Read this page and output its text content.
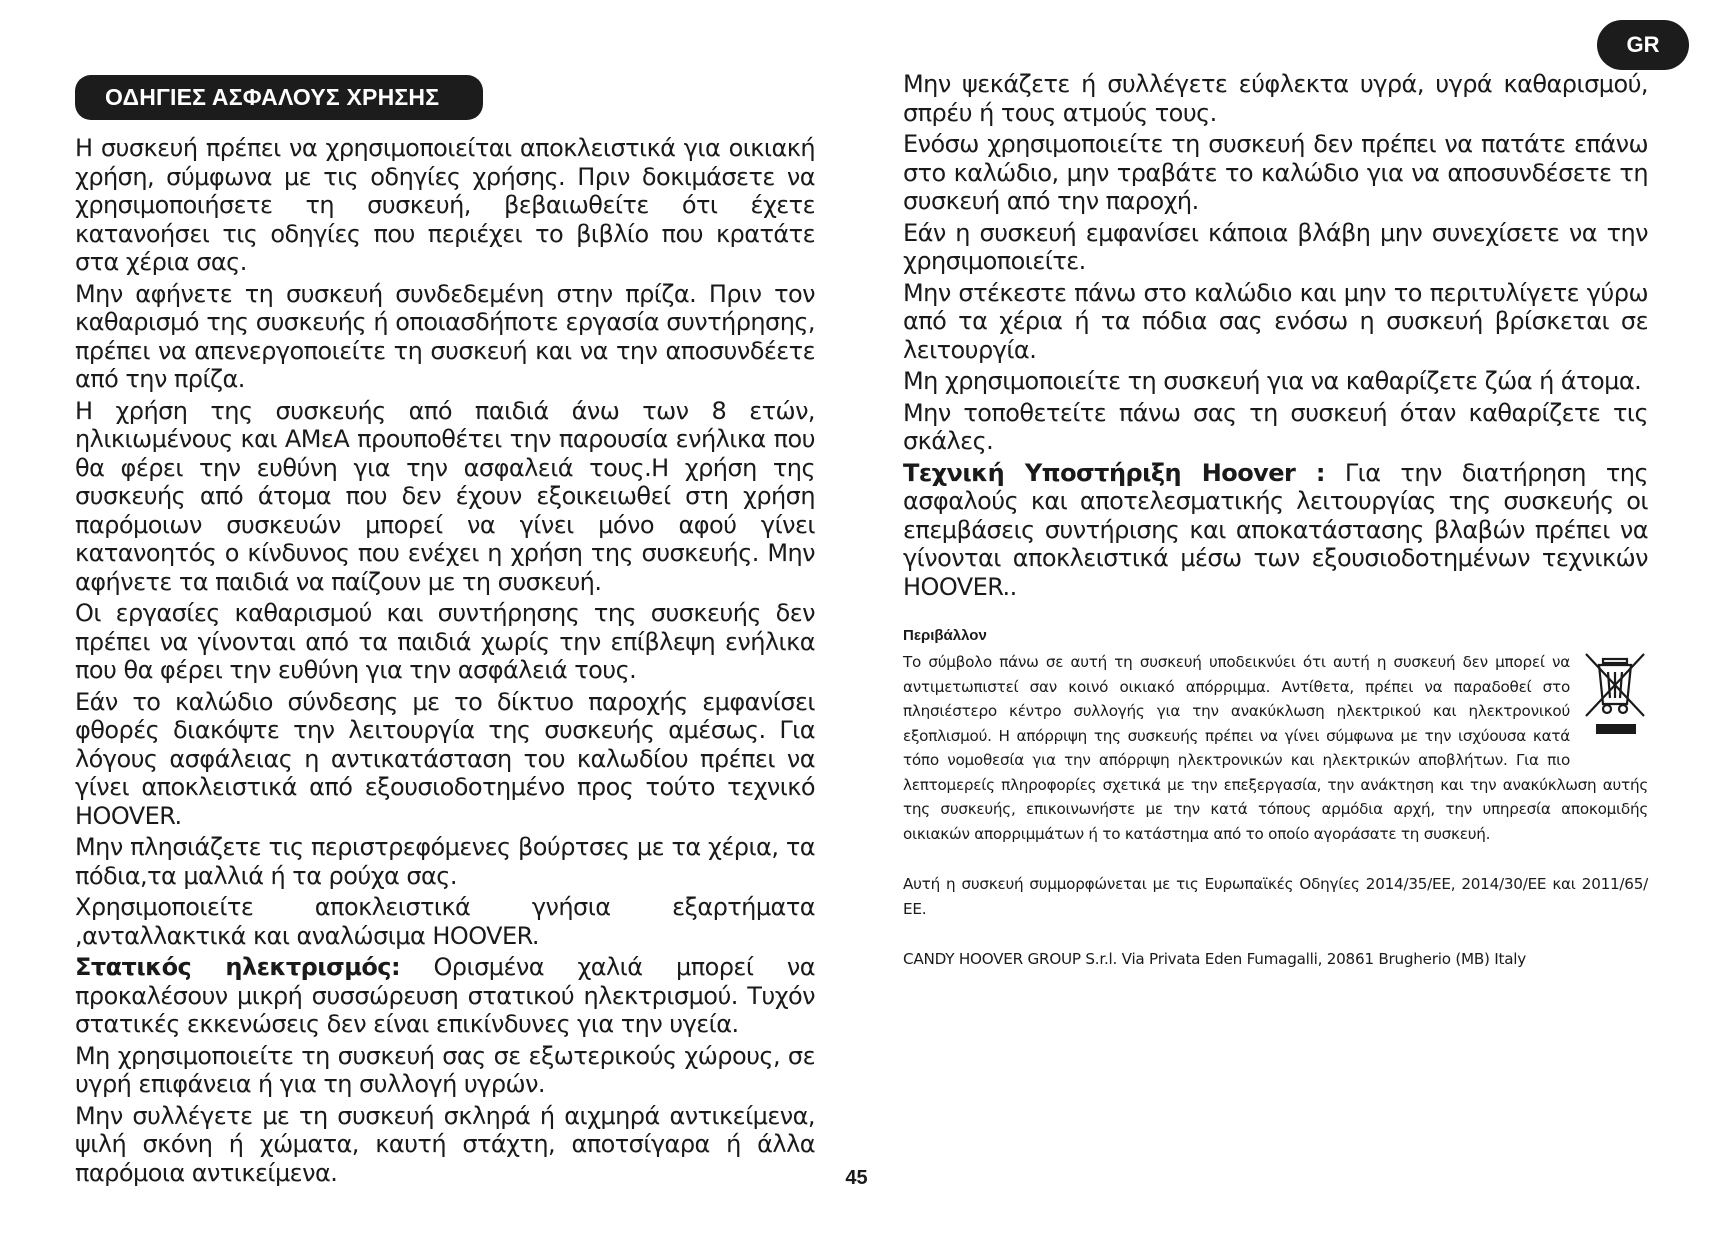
GR
ΟΔΗΓΙΕΣ ΑΣΦΑΛΟΥΣ ΧΡΗΣΗΣ

Η συσκευή πρέπει να χρησιμοποιείται αποκλειστικά για οικιακή χρήση, σύμφωνα με τις οδηγίες χρήσης. Πριν δοκιμάσετε να χρησιμοποιήσετε τη συσκευή, βεβαιωθείτε ότι έχετε κατανοήσει τις οδηγίες που περιέχει το βιβλίο που κρατάτε στα χέρια σας.

Μην αφήνετε τη συσκευή συνδεδεμένη στην πρίζα. Πριν τον καθαρισμό της συσκευής ή οποιασδήποτε εργασία συντήρησης, πρέπει να απενεργοποιείτε τη συσκευή και να την αποσυνδέετε από την πρίζα.

Η χρήση της συσκευής από παιδιά άνω των 8 ετών, ηλικιωμένους και ΑΜεΑ προυποθέτει την παρουσία ενήλικα που θα φέρει την ευθύνη για την ασφαλειά τους.Η χρήση της συσκευής από άτομα που δεν έχουν εξοικειωθεί στη χρήση παρόμοιων συσκευών μπορεί να γίνει μόνο αφού γίνει κατανοητός ο κίνδυνος που ενέχει η χρήση της συσκευής. Μην αφήνετε τα παιδιά να παίζουν με τη συσκευή.

Οι εργασίες καθαρισμού και συντήρησης της συσκευής δεν πρέπει να γίνονται από τα παιδιά χωρίς την επίβλεψη ενήλικα που θα φέρει την ευθύνη για την ασφάλειά τους.

Εάν το καλώδιο σύνδεσης με το δίκτυο παροχής εμφανίσει φθορές διακόψτε την λειτουργία της συσκευής αμέσως. Για λόγους ασφάλειας η αντικατάσταση του καλωδίου πρέπει να γίνει αποκλειστικά από εξουσιοδοτημένο προς τούτο τεχνικό HOOVER.

Μην πλησιάζετε τις περιστρεφόμενες βούρτσες με τα χέρια, τα πόδια,τα μαλλιά ή τα ρούχα σας.

Χρησιμοποιείτε αποκλειστικά γνήσια εξαρτήματα ,ανταλλακτικά και αναλώσιμα HOOVER.

Στατικός ηλεκτρισμός: Ορισμένα χαλιά μπορεί να προκαλέσουν μικρή συσσώρευση στατικού ηλεκτρισμού. Τυχόν στατικές εκκενώσεις δεν είναι επικίνδυνες για την υγεία.

Μη χρησιμοποιείτε τη συσκευή σας σε εξωτερικούς χώρους, σε υγρή επιφάνεια ή για τη συλλογή υγρών.

Μην συλλέγετε με τη συσκευή σκληρά ή αιχμηρά αντικείμενα, ψιλή σκόνη ή χώματα, καυτή στάχτη, αποτσίγαρα ή άλλα παρόμοια αντικείμενα.

Μην ψεκάζετε ή συλλέγετε εύφλεκτα υγρά, υγρά καθαρισμού, σπρέυ ή τους ατμούς τους.

Ενόσω χρησιμοποιείτε τη συσκευή δεν πρέπει να πατάτε επάνω στο καλώδιο, μην τραβάτε το καλώδιο για να αποσυνδέσετε τη συσκευή από την παροχή.

Εάν η συσκευή εμφανίσει κάποια βλάβη μην συνεχίσετε να την χρησιμοποιείτε.

Μην στέκεστε πάνω στο καλώδιο και μην το περιτυλίγετε γύρω από τα χέρια ή τα πόδια σας ενόσω η συσκευή βρίσκεται σε λειτουργία.

Μη χρησιμοποιείτε τη συσκευή για να καθαρίζετε ζώα ή άτομα.

Μην τοποθετείτε πάνω σας τη συσκευή όταν καθαρίζετε τις σκάλες.

Τεχνική Υποστήριξη Hoover : Για την διατήρηση της ασφαλούς και αποτελεσματικής λειτουργίας της συσκευής οι επεμβάσεις συντήρισης και αποκατάστασης βλαβών πρέπει να γίνονται αποκλειστικά μέσω των εξουσιοδοτημένων τεχνικών HOOVER..

Περιβάλλον

Το σύμβολο πάνω σε αυτή τη συσκευή υποδεικνύει ότι αυτή η συσκευή δεν μπορεί να αντιμετωπιστεί σαν κοινό οικιακό απόρριμμα. Αντίθετα, πρέπει να παραδοθεί στο πλησιέστερο κέντρο συλλογής για την ανακύκλωση ηλεκτρικού και ηλεκτρονικού εξοπλισμού. Η απόρριψη της συσκευής πρέπει να γίνει σύμφωνα με την ισχύουσα κατά τόπο νομοθεσία για την απόρριψη ηλεκτρονικών και ηλεκτρικών αποβλήτων. Για πιο λεπτομερείς πληροφορίες σχετικά με την επεξεργασία, την ανάκτηση και την ανακύκλωση αυτής της συσκευής, επικοινωνήστε με την κατά τόπους αρμόδια αρχή, την υπηρεσία αποκομιδής οικιακών απορριμμάτων ή το κατάστημα από το οποίο αγοράσατε τη συσκευή.

Αυτή η συσκευή συμμορφώνεται με τις Ευρωπαϊκές Οδηγίες 2014/35/ΕΕ, 2014/30/ΕΕ και 2011/65/ΕΕ.

CANDY HOOVER GROUP S.r.l. Via Privata Eden Fumagalli, 20861 Brugherio (MB) Italy

45
